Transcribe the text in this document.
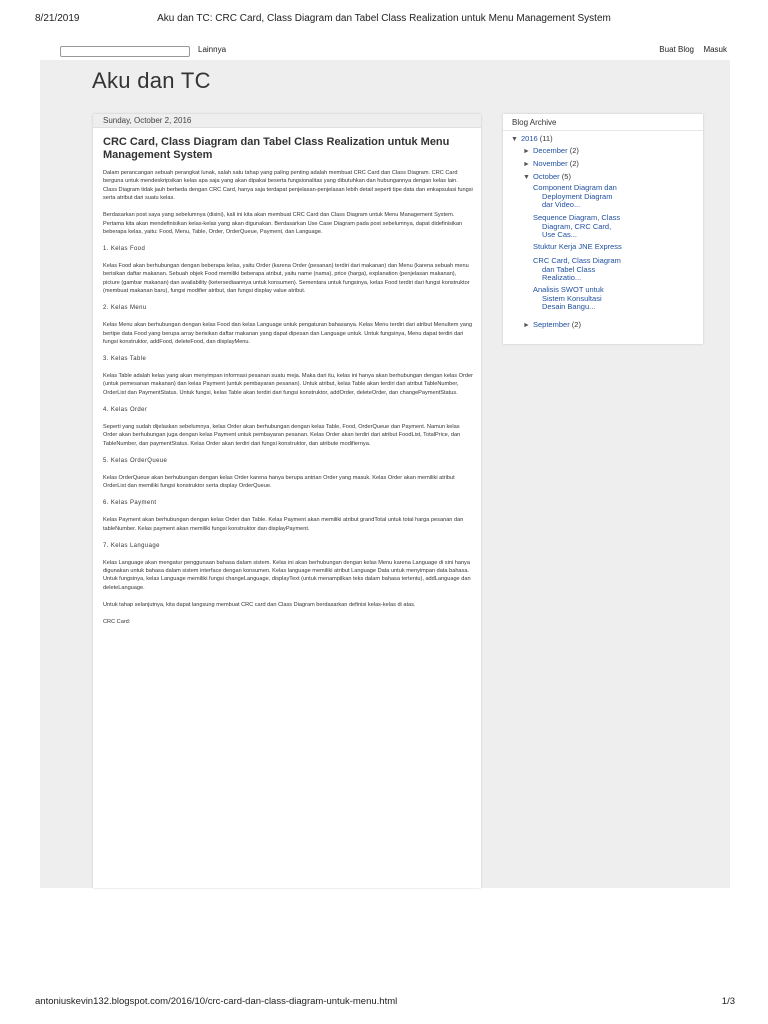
8/21/2019	Aku dan TC: CRC Card, Class Diagram dan Tabel Class Realization untuk Menu Management System
Lainnya	Buat Blog Masuk
Aku dan TC
Sunday, October 2, 2016
CRC Card, Class Diagram dan Tabel Class Realization untuk Menu Management System

Dalam perancangan sebuah perangkat lunak, salah satu tahap yang paling penting adalah membuat CRC Card dan Class Diagram. CRC Card berguna untuk mendeskripsikan kelas apa saja yang akan dipakai beserta fungsionalitas yang dibutuhkan dan hubungannya dengan kelas lain. Class Diagram tidak jauh berbeda dengan CRC Card, hanya saja terdapat penjelasan-penjelasan lebih detail seperti tipe data dan enkapsulasi fungsi serta atribut dari suatu kelas.

Berdasarkan post saya yang sebelumnya (disini), kali ini kita akan membuat CRC Card dan Class Diagram untuk Menu Management System. Pertama kita akan mendefinisikan kelas-kelas yang akan digunakan. Berdasarkan Use Case Diagram pada post sebelumnya, dapat didefinisikan beberapa kelas, yaitu: Food, Menu, Table, Order, OrderQueue, Payment, dan Language.

1. Kelas Food

Kelas Food akan berhubungan dengan beberapa kelas, yaitu Order (karena Order (pesanan) terdiri dari makanan) dan Menu (karena sebuah menu berisikan daftar makanan. Sebuah objek Food memiliki beberapa atribut, yaitu name (nama), price (harga), explanation (penjelasan makanan), picture (gambar makanan) dan availability (ketersediaannya untuk konsumen). Sementara untuk fungsinya, kelas Food terdiri dari fungsi konstruktor (membuat makanan baru), fungsi modifier atribut, dan fungsi display value atribut.

2. Kelas Menu

Kelas Menu akan berhubungan dengan kelas Food dan kelas Language untuk pengaturan bahasanya. Kelas Menu terdiri dari atribut MenuItem yang bertipe data Food yang berupa array berisikan daftar makanan yang dapat dipesan dan Language untuk. Untuk fungsinya, Menu dapat terdiri dari fungsi konstruktor, addFood, deleteFood, dan displayMenu.

3. Kelas Table

Kelas Table adalah kelas yang akan menyimpan informasi pesanan suatu meja. Maka dari itu, kelas ini hanya akan berhubungan dengan kelas Order (untuk pemesanan makanan) dan kelas Payment (untuk pembayaran pesanan). Untuk atribut, kelas Table akan terdiri dari atribut TableNumber, OrderList dan PaymentStatus. Untuk fungsi, kelas Table akan terdiri dari fungsi konstruktor, addOrder, deleteOrder, dan changePaymentStatus.

4. Kelas Order

Seperti yang sudah dijelaskan sebelumnya, kelas Order akan berhubungan dengan kelas Table, Food, OrderQueue dan Payment. Namun kelas Order akan berhubungan juga dengan kelas Payment untuk pembayaran pesanan. Kelas Order akan terdiri dari atribut FoodList, TotalPrice, dan TableNumber, dan paymentStatus. Kelas Order akan terdiri dari fungsi konstruktor, dan atribute modifiernya.

5. Kelas OrderQueue

Kelas OrderQueue akan berhubungan dengan kelas Order karena hanya berupa antrian Order yang masuk. Kelas Order akan memiliki atribut OrderList dan memiliki fungsi konstruktor serta display OrderQueue.

6. Kelas Payment

Kelas Payment akan berhubungan dengan kelas Order dan Table. Kelas Payment akan memiliki atribut grandTotal untuk total harga pesanan dan tableNumber. Kelas payment akan memiliki fungsi konstruktor dan displayPayment.

7. Kelas Language

Kelas Language akan mengatur penggunaan bahasa dalam sistem. Kelas ini akan berhubungan dengan kelas Menu karena Language di sini hanya digunakan untuk bahasa dalam sistem interface dengan konsumen. Kelas language memiliki atribut Language Data untuk menyimpan data bahasa. Untuk fungsinya, kelas Language memiliki fungsi changeLanguage, displayText (untuk menampilkan teks dalam bahasa tertentu), addLanguage dan deleteLanguage.

Untuk tahap selanjutnya, kita dapat langsung membuat CRC card dan Class Diagram berdasarkan definisi kelas-kelas di atas.

CRC Card:

Blog Archive
▼ 2016 (11)
► December (2)
► November (2)
▼ October (5)
Component Diagram dan
Deployment Diagram
dar Video...
Sequence Diagram, Class
Diagram, CRC Card,
Use Cas...
Stuktur Kerja JNE Express
CRC Card, Class Diagram
dan Tabel Class
Realizatio...
Analisis SWOT untuk
Sistem Konsultasi
Desain Bangu...
► September (2)
antoniuskevin132.blogspot.com/2016/10/crc-card-dan-class-diagram-untuk-menu.html	1/3
